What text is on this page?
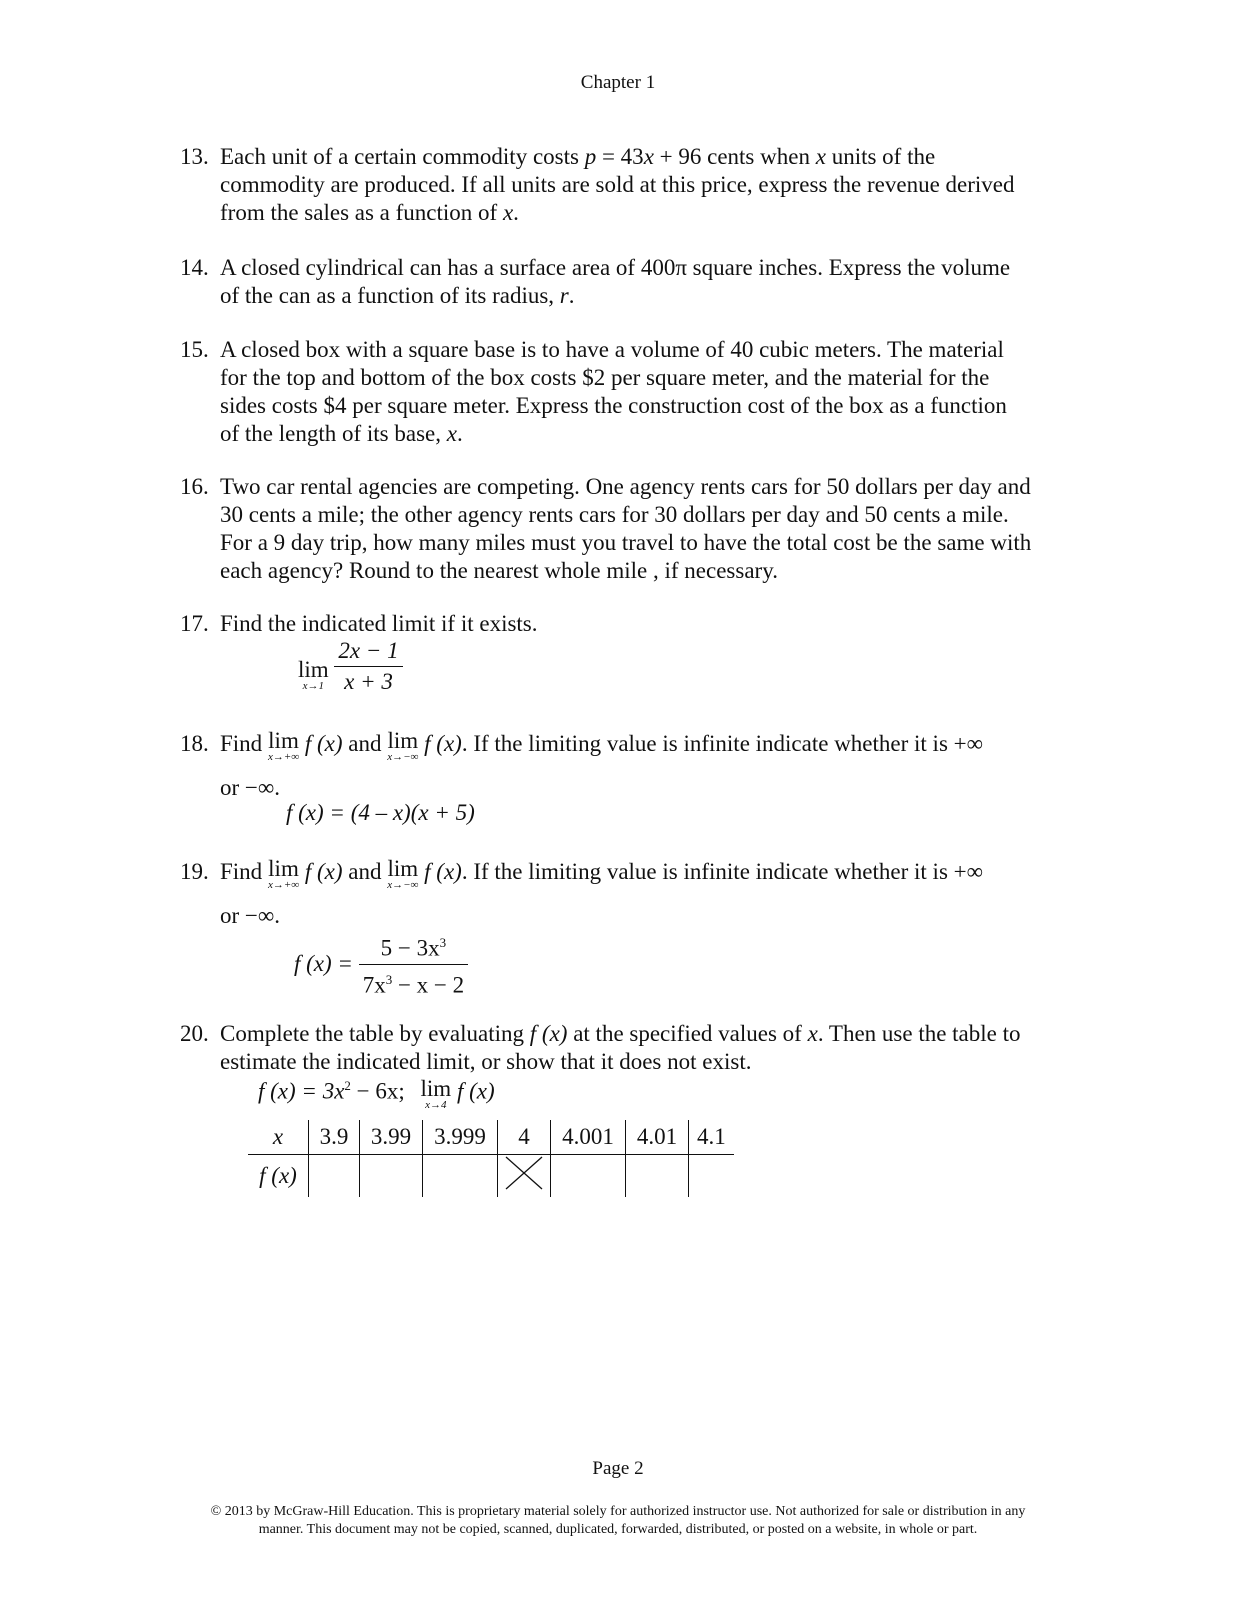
Chapter 1
13. Each unit of a certain commodity costs p = 43x + 96 cents when x units of the
commodity are produced. If all units are sold at this price, express the revenue derived
from the sales as a function of x.
14. A closed cylindrical can has a surface area of 400π square inches. Express the volume
of the can as a function of its radius, r.
15. A closed box with a square base is to have a volume of 40 cubic meters. The material
for the top and bottom of the box costs $2 per square meter, and the material for the
sides costs $4 per square meter. Express the construction cost of the box as a function
of the length of its base, x.
16. Two car rental agencies are competing. One agency rents cars for 50 dollars per day and
30 cents a mile; the other agency rents cars for 30 dollars per day and 50 cents a mile.
For a 9 day trip, how many miles must you travel to have the total cost be the same with
each agency? Round to the nearest whole mile , if necessary.
17. Find the indicated limit if it exists.
lim
x→1
$\frac{2x - 1}{x + 3}$
18. Find lim
x→+∞
f (x) and lim
x→−∞
f (x). If the limiting value is infinite indicate whether it is +∞
or −∞.
f (x) = (4 – x)(x + 5)
19. Find lim
x→+∞
f (x) and lim
x→−∞
f (x). If the limiting value is infinite indicate whether it is +∞
or −∞.
f $(x) = \frac{5 - 3x^3}{7x^3 - x - 2}$
20. Complete the table by evaluating f (x) at the specified values of x. Then use the table to
estimate the indicated limit, or show that it does not exist.
f $(x) = 3x^2 - 6x$; lim
x→4
f (x)
x	3.9	3.99	3.999	4	4.001	4.01	4.1
f (x)							
Page 2
© 2013 by McGraw-Hill Education. This is proprietary material solely for authorized instructor use. Not authorized for sale or distribution in any
manner. This document may not be copied, scanned, duplicated, forwarded, distributed, or posted on a website, in whole or part.
